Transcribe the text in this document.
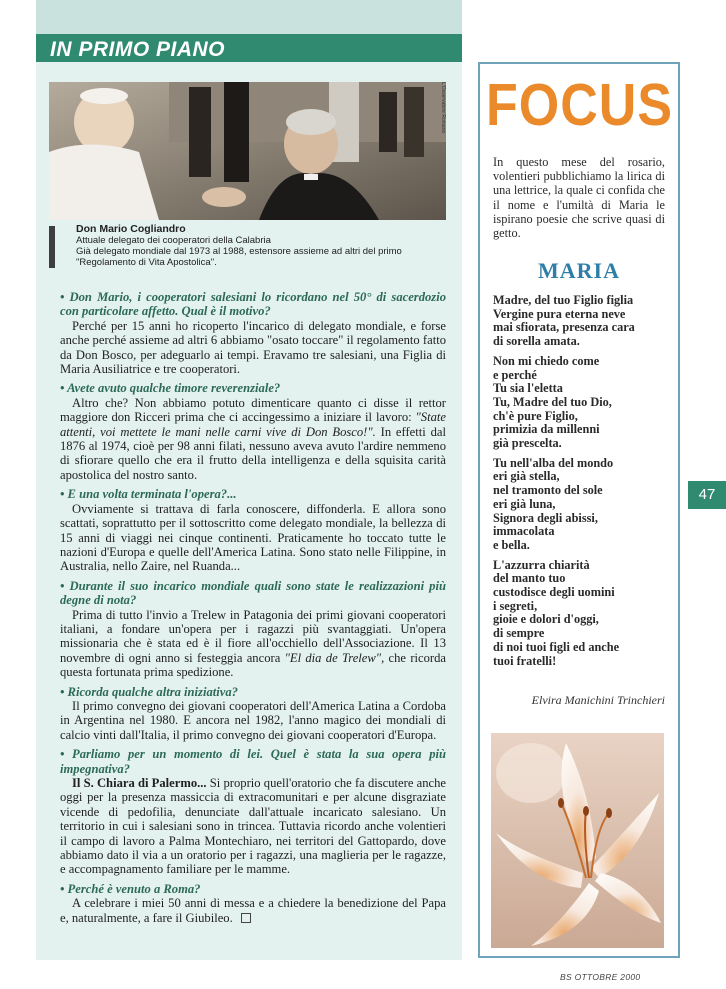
IN PRIMO PIANO
L'Osservatore Romano
Don Mario Cogliandro
Attuale delegato dei cooperatori della Calabria
Già delegato mondiale dal 1973 al 1988, estensore assieme ad altri del primo
"Regolamento di Vita Apostolica".

• Don Mario, i cooperatori salesiani lo ricordano nel 50° di sacerdozio con particolare affetto. Qual è il motivo?

Perché per 15 anni ho ricoperto l'incarico di delegato mondiale, e forse anche perché assieme ad altri 6 abbiamo "osato toccare" il regolamento fatto da Don Bosco, per adeguarlo ai tempi. Eravamo tre salesiani, una Figlia di Maria Ausiliatrice e tre cooperatori.

• Avete avuto qualche timore reverenziale?

Altro che? Non abbiamo potuto dimenticare quanto ci disse il rettor maggiore don Ricceri prima che ci accingessimo a iniziare il lavoro: "State attenti, voi mettete le mani nelle carni vive di Don Bosco!". In effetti dal 1876 al 1974, cioè per 98 anni filati, nessuno aveva avuto l'ardire nemmeno di sfiorare quello che era il frutto della intelligenza e della squisita carità apostolica del nostro santo.

• E una volta terminata l'opera?...

Ovviamente si trattava di farla conoscere, diffonderla. E allora sono scattati, soprattutto per il sottoscritto come delegato mondiale, la bellezza di 15 anni di viaggi nei cinque continenti. Praticamente ho toccato tutte le nazioni d'Europa e quelle dell'America Latina. Sono stato nelle Filippine, in Australia, nello Zaire, nel Ruanda...

• Durante il suo incarico mondiale quali sono state le realizzazioni più degne di nota?

Prima di tutto l'invio a Trelew in Patagonia dei primi giovani cooperatori italiani, a fondare un'opera per i ragazzi più svantaggiati. Un'opera missionaria che è stata ed è il fiore all'occhiello dell'Associazione. Il 13 novembre di ogni anno si festeggia ancora "El dia de Trelew", che ricorda questa fortunata prima spedizione.

• Ricorda qualche altra iniziativa?

Il primo convegno dei giovani cooperatori dell'America Latina a Cordoba in Argentina nel 1980. E ancora nel 1982, l'anno magico dei mondiali di calcio vinti dall'Italia, il primo convegno dei giovani cooperatori d'Europa.

• Parliamo per un momento di lei. Quel è stata la sua opera più impegnativa?

Il S. Chiara di Palermo... Si proprio quell'oratorio che fa discutere anche oggi per la presenza massiccia di extracomunitari e per alcune disgraziate vicende di pedofilia, denunciate dall'attuale incaricato salesiano. Un territorio in cui i salesiani sono in trincea. Tuttavia ricordo anche volentieri il campo di lavoro a Palma Montechiaro, nei territori del Gattopardo, dove abbiamo dato il via a un oratorio per i ragazzi, una maglieria per le ragazze, e accompagnamento familiare per le mamme.

• Perché è venuto a Roma?

A celebrare i miei 50 anni di messa e a chiedere la benedizione del Papa e, naturalmente, a fare il Giubileo.

FOCUS
In questo mese del rosario, volentieri pubblichiamo la lirica di una lettrice, la quale ci confida che il nome e l'umiltà di Maria le ispirano poesie che scrive quasi di getto.
MARIA
Madre, del tuo Figlio figlia
Vergine pura eterna neve
mai sfiorata, presenza cara
di sorella amata.
Non mi chiedo come
e perché
Tu sia l'eletta
Tu, Madre del tuo Dio,
ch'è pure Figlio,
primizia da millenni
già prescelta.
Tu nell'alba del mondo
eri già stella,
nel tramonto del sole
eri già luna,
Signora degli abissi,
immacolata
e bella.
L'azzurra chiarità
del manto tuo
custodisce degli uomini
i segreti,
gioie e dolori d'oggi,
di sempre
di noi tuoi figli ed anche
tuoi fratelli!
Elvira Manichini Trinchieri
47
BS OTTOBRE 2000
